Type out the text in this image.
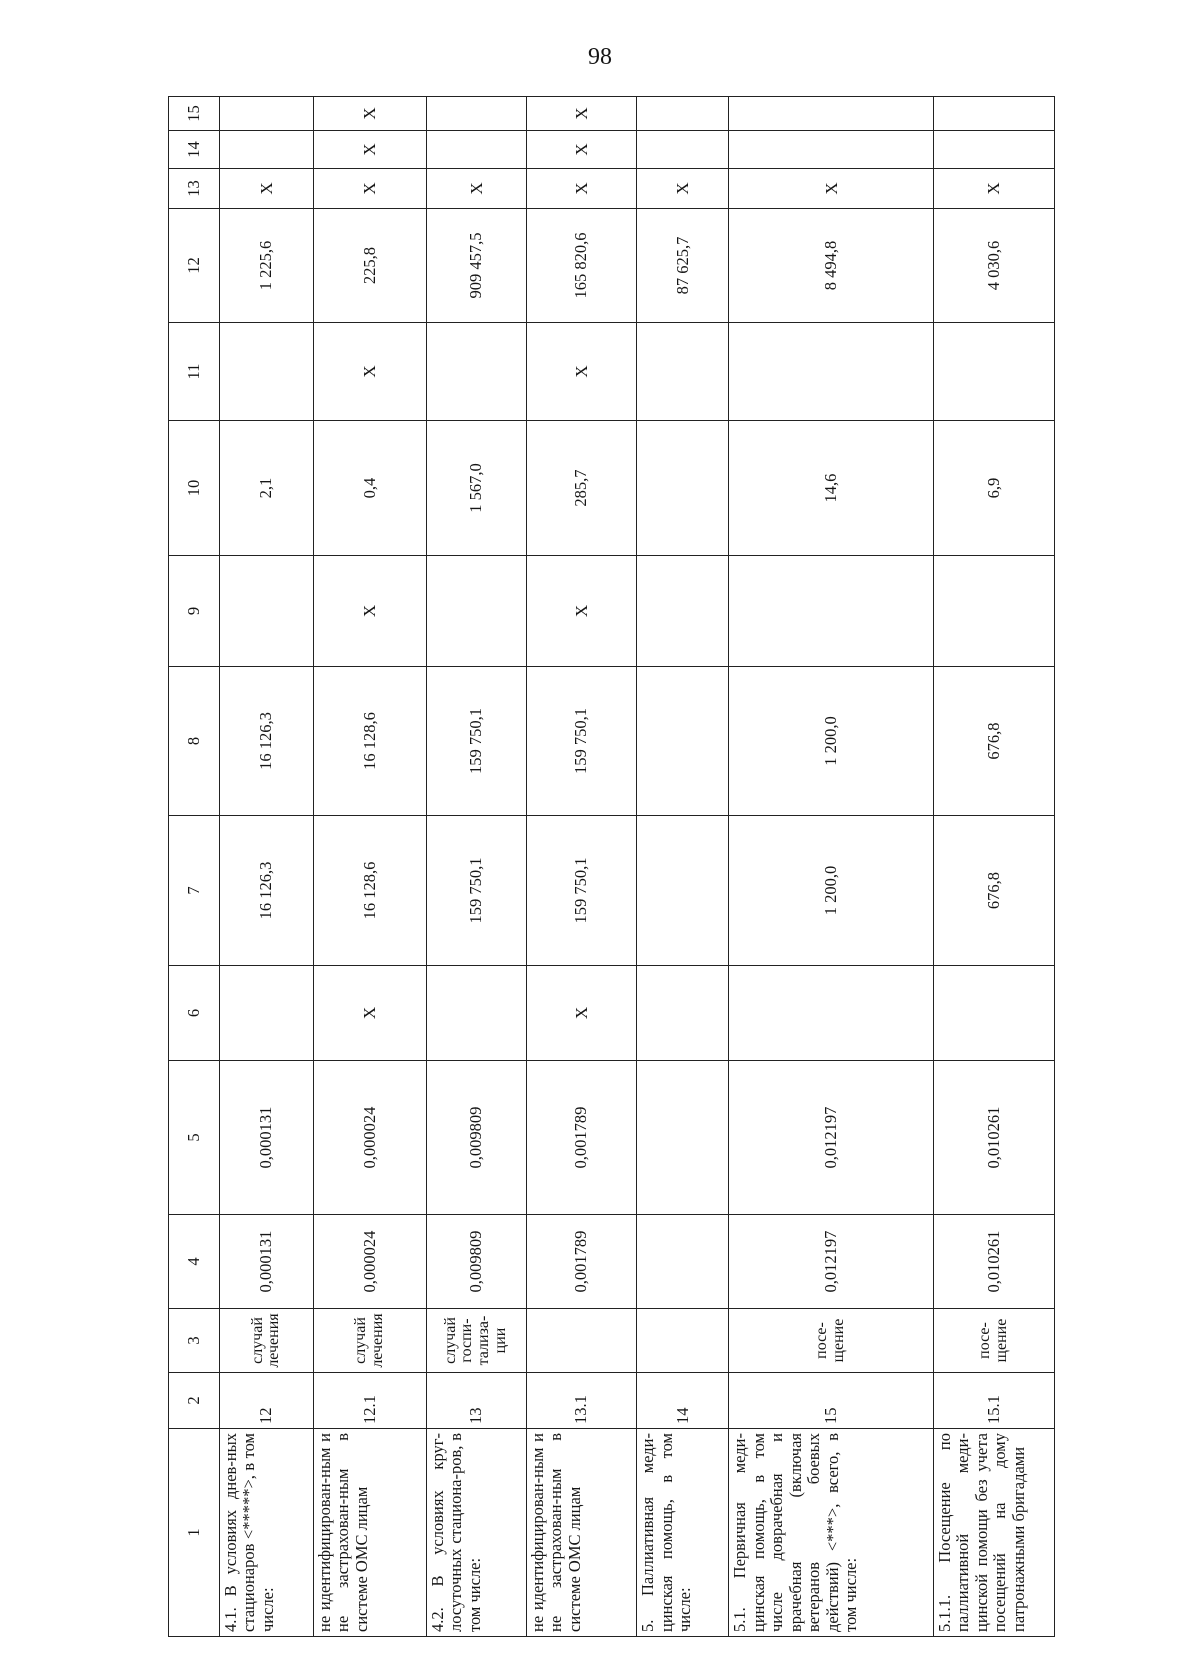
98
1	2	3	4	5	6	7	8	9	10	11	12	13	14	15
4.1. В условиях днев-ных стационаров <*****>, в том числе:	12	случай лечения	0,000131	0,000131		16 126,3	16 126,3		2,1		1 225,6	X		
не идентифицирован-ным и не застрахован-ным в системе ОМС лицам	12.1	случай лечения	0,000024	0,000024	X	16 128,6	16 128,6	X	0,4	X	225,8	X	X	X
4.2. В условиях круг-лосуточных стациона-ров, в том числе:	13	случай госпи-тализа-ции	0,009809	0,009809		159 750,1	159 750,1		1 567,0		909 457,5	X		
не идентифицирован-ным и не застрахован-ным в системе ОМС лицам	13.1		0,001789	0,001789	X	159 750,1	159 750,1	X	285,7	X	165 820,6	X	X	X
5. Паллиативная меди-цинская помощь, в том числе:	14										87 625,7	X		
5.1. Первичная меди-цинская помощь, в том числе доврачебная и врачебная (включая ветеранов боевых действий) <***>, всего, в том числе:	15	посе-щение	0,012197	0,012197		1 200,0	1 200,0		14,6		8 494,8	X		
5.1.1. Посещение по паллиативной меди-цинской помощи без учета посещений на дому патронажными бригадами	15.1	посе-щение	0,010261	0,010261		676,8	676,8		6,9		4 030,6	X		
